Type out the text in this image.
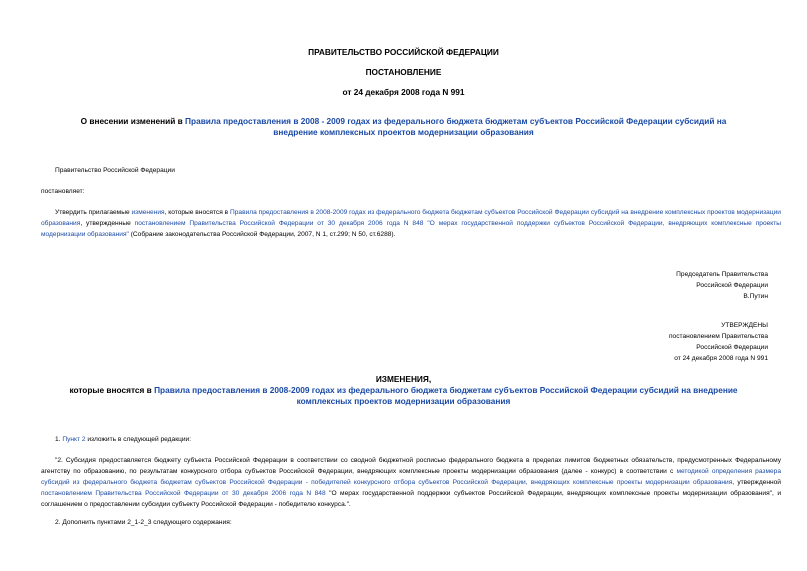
ПРАВИТЕЛЬСТВО РОССИЙСКОЙ ФЕДЕРАЦИИ
ПОСТАНОВЛЕНИЕ
от 24 декабря 2008 года N 991
О внесении изменений в Правила предоставления в 2008 - 2009 годах из федерального бюджета бюджетам субъектов Российской Федерации субсидий на
внедрение комплексных проектов модернизации образования
Правительство Российской Федерации
постановляет:
Утвердить прилагаемые изменения, которые вносятся в Правила предоставления в 2008-2009 годах из федерального бюджета бюджетам субъектов Российской Федерации субсидий на внедрение комплексных проектов модернизации образования, утвержденные постановлением Правительства Российской Федерации от 30 декабря 2006 года N 848 "О мерах государственной поддержки субъектов Российской Федерации, внедряющих комплексные проекты модернизации образования" (Собрание законодательства Российской Федерации, 2007, N 1, ст.299; N 50, ст.6288).
Председатель Правительства
Российской Федерации
В.Путин
УТВЕРЖДЕНЫ
постановлением Правительства
Российской Федерации
от 24 декабря 2008 года N 991
ИЗМЕНЕНИЯ,
которые вносятся в Правила предоставления в 2008-2009 годах из федерального бюджета бюджетам субъектов Российской Федерации субсидий на внедрение
комплексных проектов модернизации образования
1. Пункт 2 изложить в следующей редакции:
"2. Субсидия предоставляется бюджету субъекта Российской Федерации в соответствии со сводной бюджетной росписью федерального бюджета в пределах лимитов бюджетных обязательств, предусмотренных Федеральному агентству по образованию, по результатам конкурсного отбора субъектов Российской Федерации, внедряющих комплексные проекты модернизации образования (далее - конкурс) в соответствии с методикой определения размера субсидий из федерального бюджета бюджетам субъектов Российской Федерации - победителей конкурсного отбора субъектов Российской Федерации, внедряющих комплексные проекты модернизации образования, утвержденной постановлением Правительства Российской Федерации от 30 декабря 2006 года N 848 "О мерах государственной поддержки субъектов Российской Федерации, внедряющих комплексные проекты модернизации образования", и соглашением о предоставлении субсидии субъекту Российской Федерации - победителю конкурса.".
2. Дополнить пунктами 2_1-2_3 следующего содержания:
